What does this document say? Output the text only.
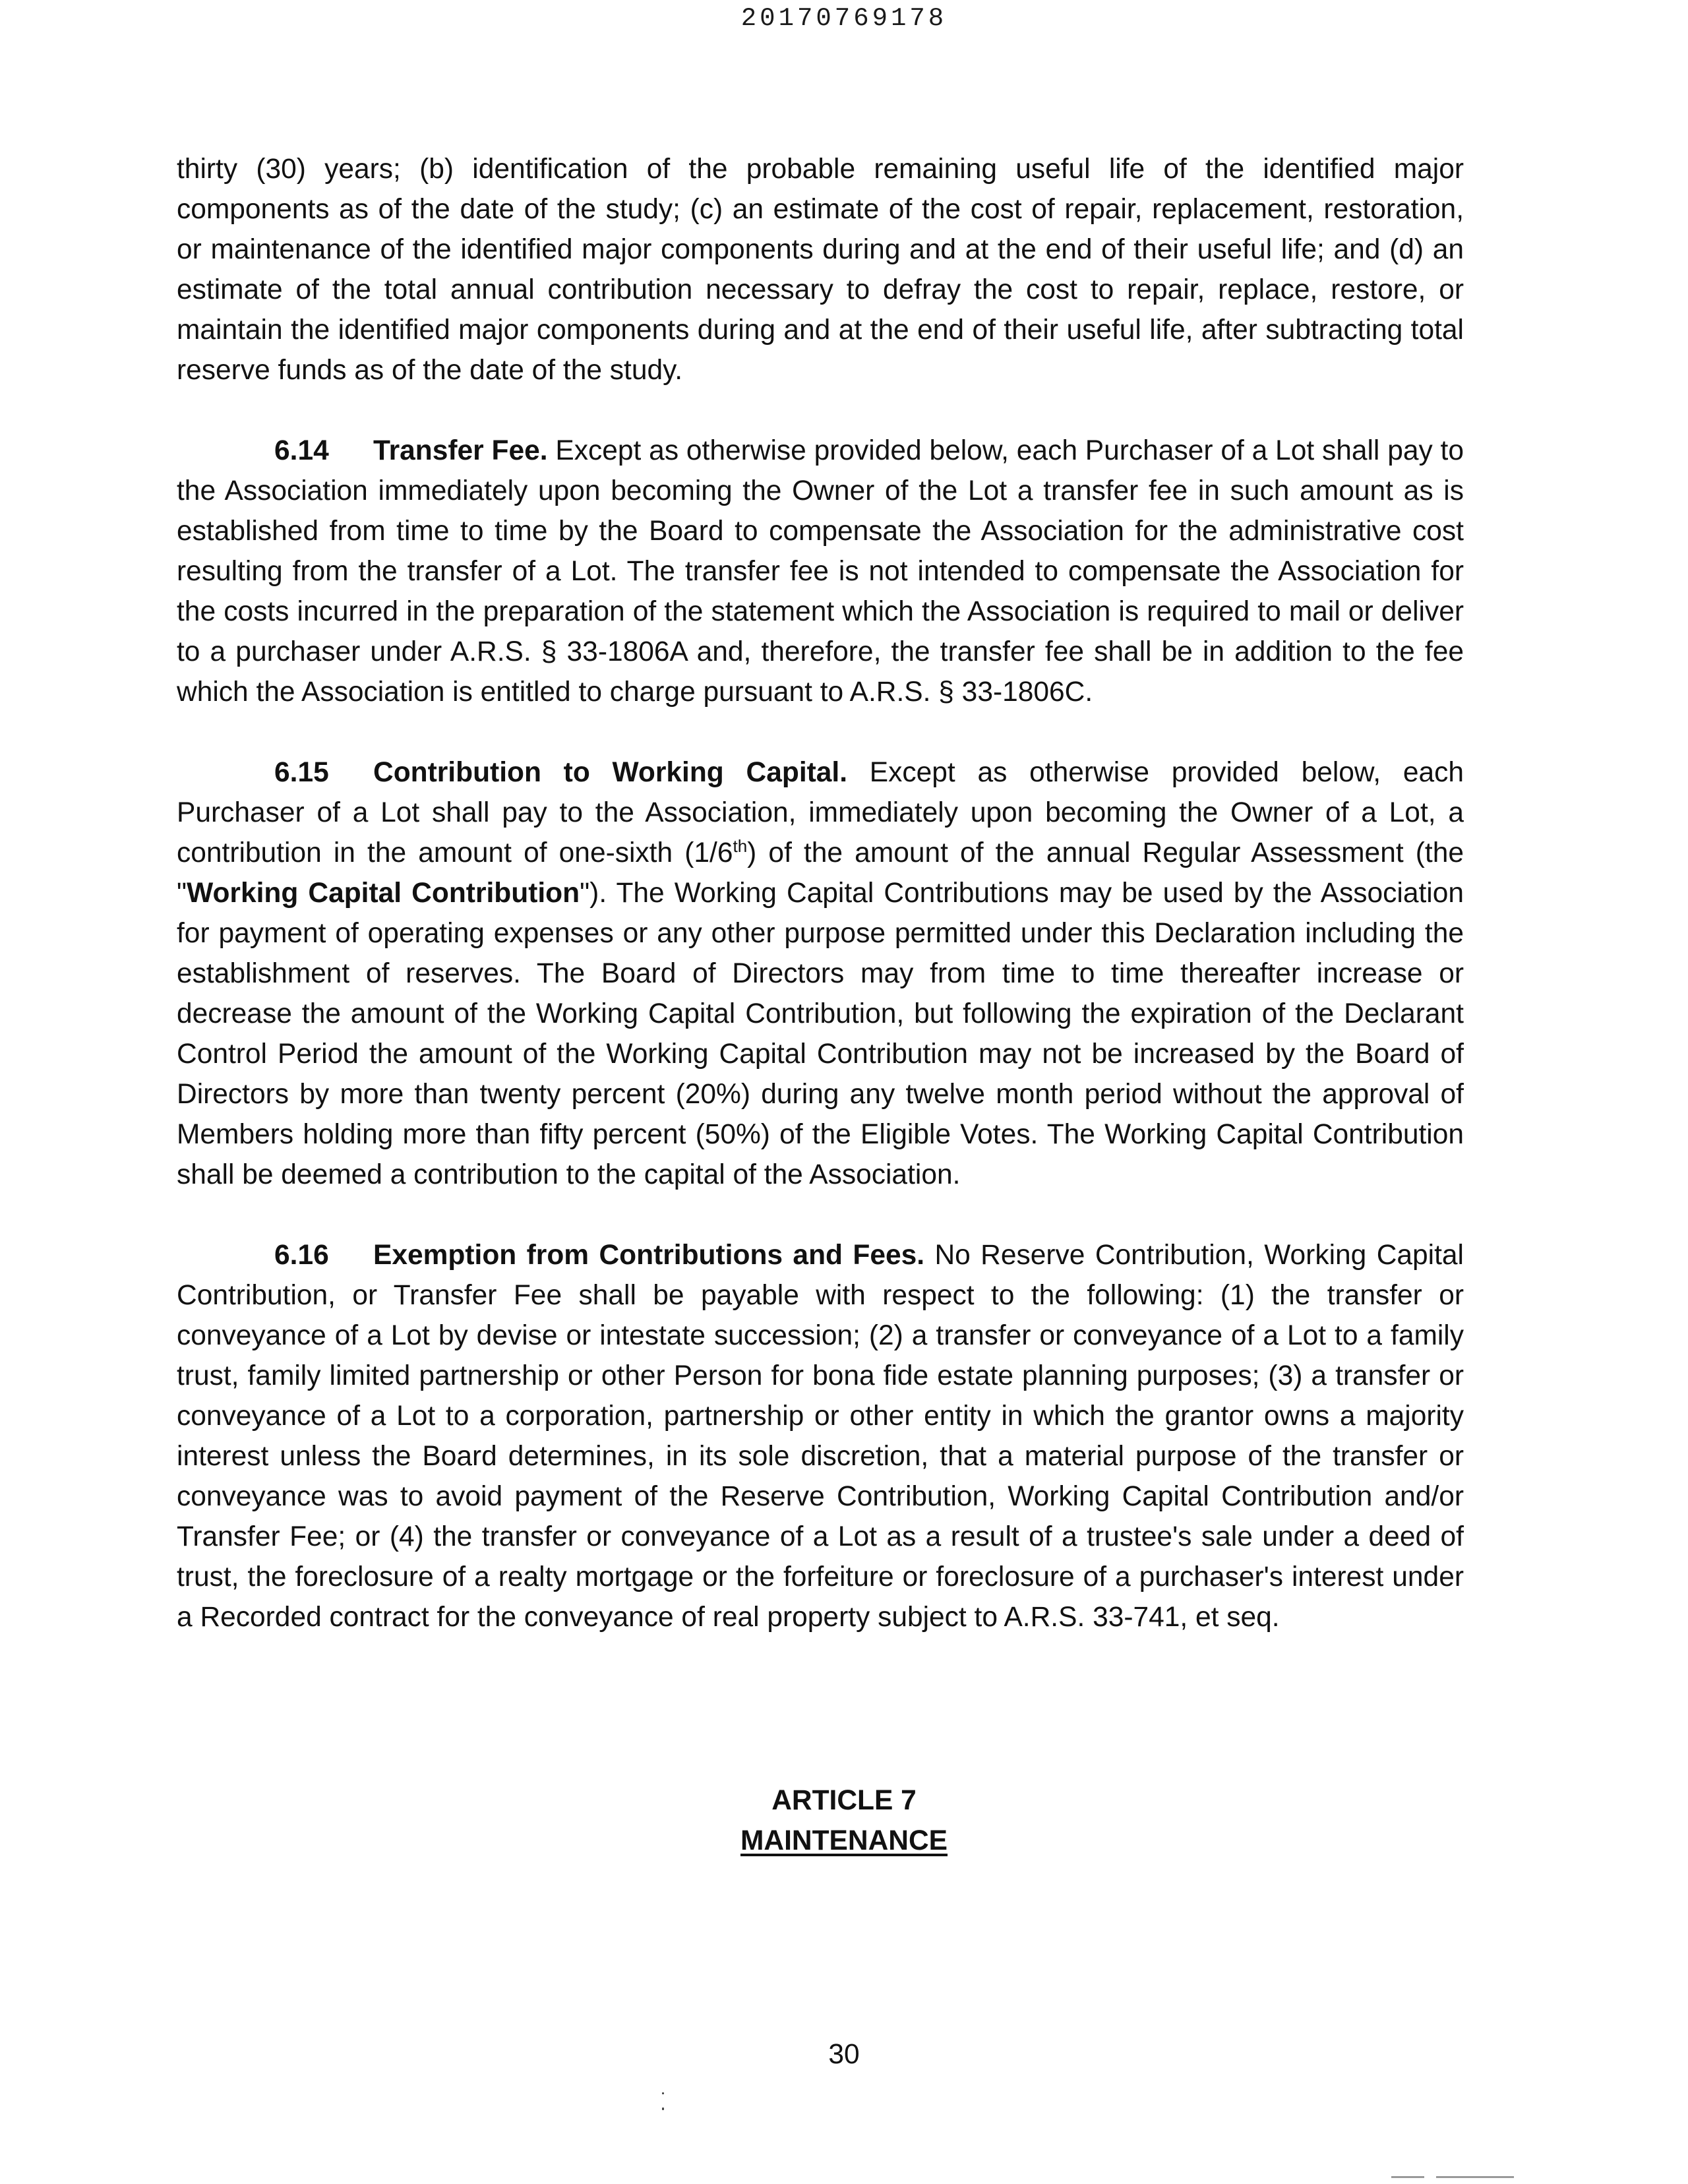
20170769178

thirty (30) years; (b) identification of the probable remaining useful life of the identified major components as of the date of the study; (c) an estimate of the cost of repair, replacement, restoration, or maintenance of the identified major components during and at the end of their useful life; and (d) an estimate of the total annual contribution necessary to defray the cost to repair, replace, restore, or maintain the identified major components during and at the end of their useful life, after subtracting total reserve funds as of the date of the study.

6.14 Transfer Fee. Except as otherwise provided below, each Purchaser of a Lot shall pay to the Association immediately upon becoming the Owner of the Lot a transfer fee in such amount as is established from time to time by the Board to compensate the Association for the administrative cost resulting from the transfer of a Lot. The transfer fee is not intended to compensate the Association for the costs incurred in the preparation of the statement which the Association is required to mail or deliver to a purchaser under A.R.S. § 33-1806A and, therefore, the transfer fee shall be in addition to the fee which the Association is entitled to charge pursuant to A.R.S. § 33-1806C.

6.15 Contribution to Working Capital. Except as otherwise provided below, each Purchaser of a Lot shall pay to the Association, immediately upon becoming the Owner of a Lot, a contribution in the amount of one-sixth (1/6th) of the amount of the annual Regular Assessment (the "Working Capital Contribution"). The Working Capital Contributions may be used by the Association for payment of operating expenses or any other purpose permitted under this Declaration including the establishment of reserves. The Board of Directors may from time to time thereafter increase or decrease the amount of the Working Capital Contribution, but following the expiration of the Declarant Control Period the amount of the Working Capital Contribution may not be increased by the Board of Directors by more than twenty percent (20%) during any twelve month period without the approval of Members holding more than fifty percent (50%) of the Eligible Votes. The Working Capital Contribution shall be deemed a contribution to the capital of the Association.

6.16 Exemption from Contributions and Fees. No Reserve Contribution, Working Capital Contribution, or Transfer Fee shall be payable with respect to the following: (1) the transfer or conveyance of a Lot by devise or intestate succession; (2) a transfer or conveyance of a Lot to a family trust, family limited partnership or other Person for bona fide estate planning purposes; (3) a transfer or conveyance of a Lot to a corporation, partnership or other entity in which the grantor owns a majority interest unless the Board determines, in its sole discretion, that a material purpose of the transfer or conveyance was to avoid payment of the Reserve Contribution, Working Capital Contribution and/or Transfer Fee; or (4) the transfer or conveyance of a Lot as a result of a trustee's sale under a deed of trust, the foreclosure of a realty mortgage or the forfeiture or foreclosure of a purchaser's interest under a Recorded contract for the conveyance of real property subject to A.R.S. 33-741, et seq.

ARTICLE 7
MAINTENANCE
30
